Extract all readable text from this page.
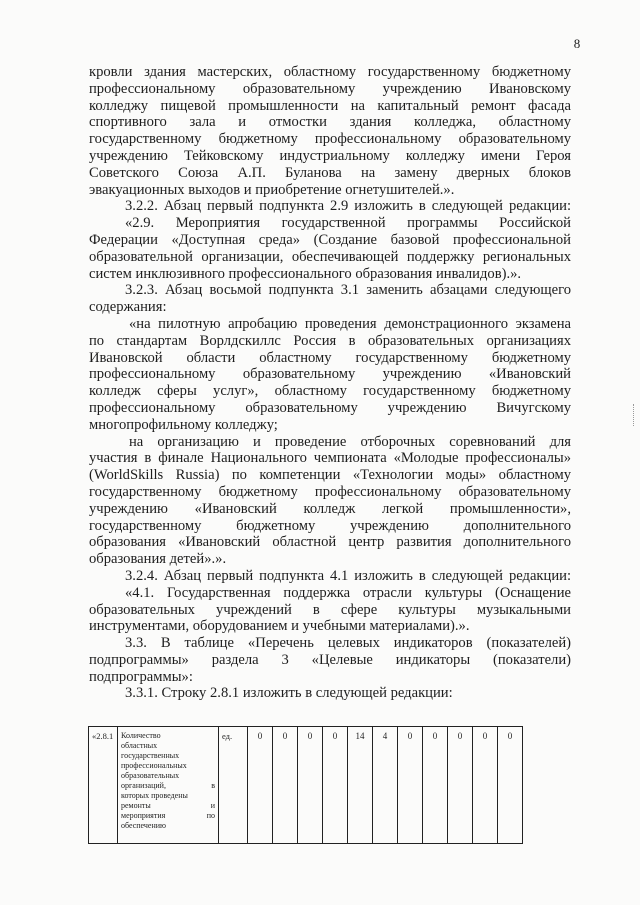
8
кровли здания мастерских, областному государственному бюджетному
профессиональному образовательному учреждению Ивановскому
колледжу пищевой промышленности на капитальный ремонт фасада
спортивного зала и отмостки здания колледжа, областному
государственному бюджетному профессиональному образовательному
учреждению Тейковскому индустриальному колледжу имени Героя
Советского Союза А.П. Буланова на замену дверных блоков
эвакуационных выходов и приобретение огнетушителей.».
3.2.2. Абзац первый подпункта 2.9 изложить в следующей редакции:
«2.9. Мероприятия государственной программы Российской
Федерации «Доступная среда» (Создание базовой профессиональной
образовательной организации, обеспечивающей поддержку региональных
систем инклюзивного профессионального образования инвалидов).».
3.2.3. Абзац восьмой подпункта 3.1 заменить абзацами следующего
содержания:
«на пилотную апробацию проведения демонстрационного экзамена
по стандартам Ворлдскиллс Россия в образовательных организациях
Ивановской области областному государственному бюджетному
профессиональному образовательному учреждению «Ивановский
колледж сферы услуг», областному государственному бюджетному
профессиональному образовательному учреждению Вичугскому
многопрофильному колледжу;
на организацию и проведение отборочных соревнований для
участия в финале Национального чемпионата «Молодые профессионалы»
(WorldSkills Russia) по компетенции «Технологии моды» областному
государственному бюджетному профессиональному образовательному
учреждению «Ивановский колледж легкой промышленности»,
государственному бюджетному учреждению дополнительного
образования «Ивановский областной центр развития дополнительного
образования детей».».
3.2.4. Абзац первый подпункта 4.1 изложить в следующей редакции:
«4.1. Государственная поддержка отрасли культуры (Оснащение
образовательных учреждений в сфере культуры музыкальными
инструментами, оборудованием и учебными материалами).».
3.3. В таблице «Перечень целевых индикаторов (показателей)
подпрограммы» раздела 3 «Целевые индикаторы (показатели)
подпрограммы»:
3.3.1. Строку 2.8.1 изложить в следующей редакции:
«2.8.1	Количество
областных
государственных
профессиональных
образовательных
организаций, в
которых проведены
ремонты и
мероприятия по
обеспечению
	ед.	0	0	0	0	14	4	0	0	0	0	0
